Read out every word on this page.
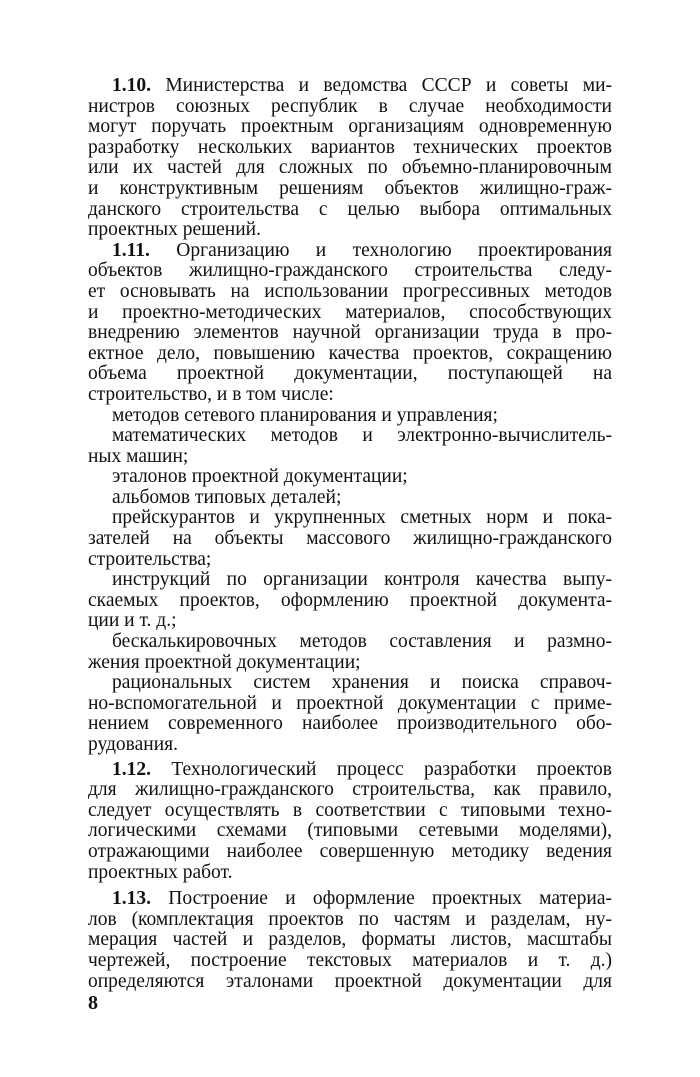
1.10. Министерства и ведомства СССР и советы ми-
нистров союзных республик в случае необходимости
могут поручать проектным организациям одновременную
разработку нескольких вариантов технических проектов
или их частей для сложных по объемно-планировочным
и конструктивным решениям объектов жилищно-граж-
данского строительства с целью выбора оптимальных
проектных решений.
1.11. Организацию и технологию проектирования
объектов жилищно-гражданского строительства следу-
ет основывать на использовании прогрессивных методов
и проектно-методических материалов, способствующих
внедрению элементов научной организации труда в про-
ектное дело, повышению качества проектов, сокращению
объема проектной документации, поступающей на
строительство, и в том числе:
методов сетевого планирования и управления;
математических методов и электронно-вычислитель-
ных машин;
эталонов проектной документации;
альбомов типовых деталей;
прейскурантов и укрупненных сметных норм и пока-
зателей на объекты массового жилищно-гражданского
строительства;
инструкций по организации контроля качества выпу-
скаемых проектов, оформлению проектной документа-
ции и т. д.;
бескалькировочных методов составления и размно-
жения проектной документации;
рациональных систем хранения и поиска справоч-
но-вспомогательной и проектной документации с приме-
нением современного наиболее производительного обо-
рудования.
1.12. Технологический процесс разработки проектов
для жилищно-гражданского строительства, как правило,
следует осуществлять в соответствии с типовыми техно-
логическими схемами (типовыми сетевыми моделями),
отражающими наиболее совершенную методику ведения
проектных работ.
1.13. Построение и оформление проектных материа-
лов (комплектация проектов по частям и разделам, ну-
мерация частей и разделов, форматы листов, масштабы
чертежей, построение текстовых материалов и т. д.)
определяются эталонами проектной документации для
8
